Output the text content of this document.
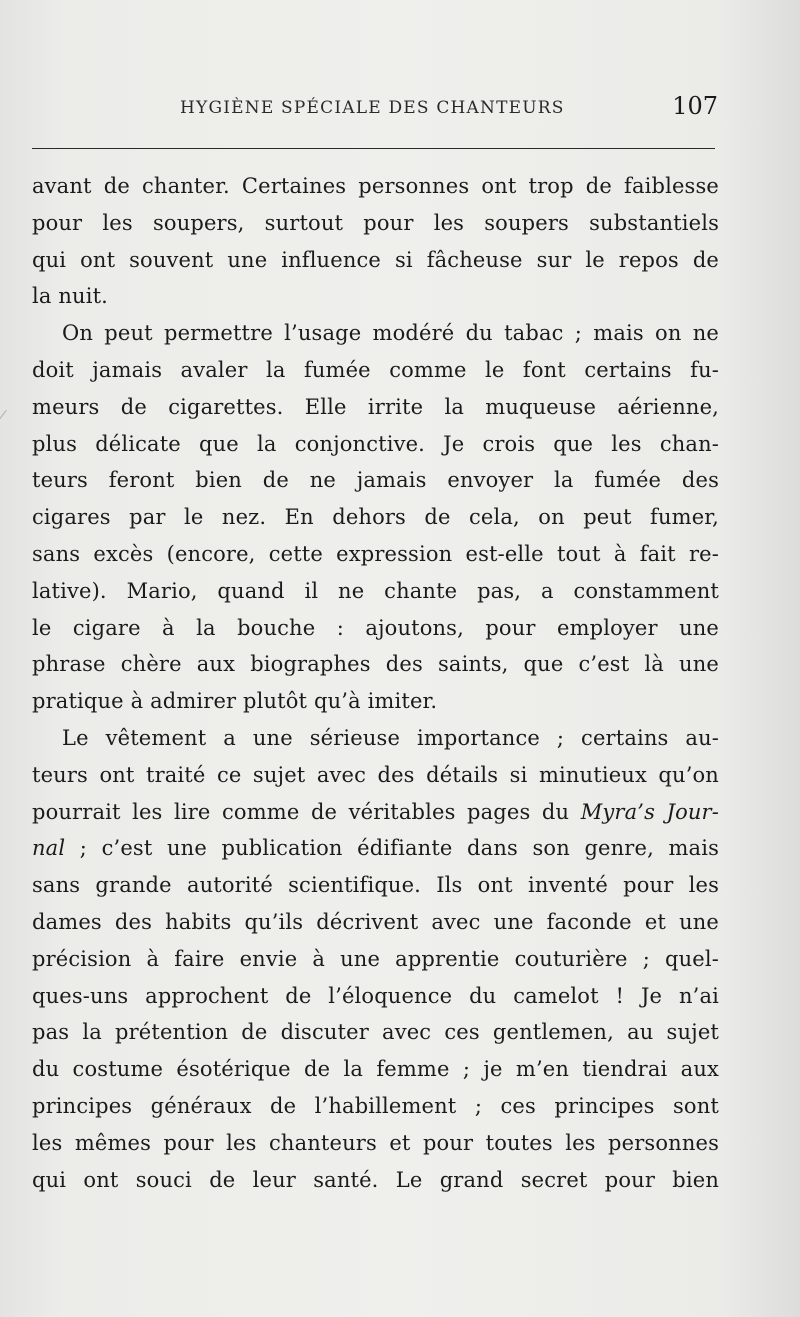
HYGIÈNE SPÉCIALE DES CHANTEURS	107
avant de chanter. Certaines personnes ont trop de faiblesse
pour les soupers, surtout pour les soupers substantiels
qui ont souvent une influence si fâcheuse sur le repos de
la nuit.
On peut permettre l’usage modéré du tabac ; mais on ne
doit jamais avaler la fumée comme le font certains fu-
meurs de cigarettes. Elle irrite la muqueuse aérienne,
plus délicate que la conjonctive. Je crois que les chan-
teurs feront bien de ne jamais envoyer la fumée des
cigares par le nez. En dehors de cela, on peut fumer,
sans excès (encore, cette expression est-elle tout à fait re-
lative). Mario, quand il ne chante pas, a constamment
le cigare à la bouche : ajoutons, pour employer une
phrase chère aux biographes des saints, que c’est là une
pratique à admirer plutôt qu’à imiter.
Le vêtement a une sérieuse importance ; certains au-
teurs ont traité ce sujet avec des détails si minutieux qu’on
pourrait les lire comme de véritables pages du Myra’s Jour-
nal ; c’est une publication édifiante dans son genre, mais
sans grande autorité scientifique. Ils ont inventé pour les
dames des habits qu’ils décrivent avec une faconde et une
précision à faire envie à une apprentie couturière ; quel-
ques-uns approchent de l’éloquence du camelot ! Je n’ai
pas la prétention de discuter avec ces gentlemen, au sujet
du costume ésotérique de la femme ; je m’en tiendrai aux
principes généraux de l’habillement ; ces principes sont
les mêmes pour les chanteurs et pour toutes les personnes
qui ont souci de leur santé. Le grand secret pour bien
